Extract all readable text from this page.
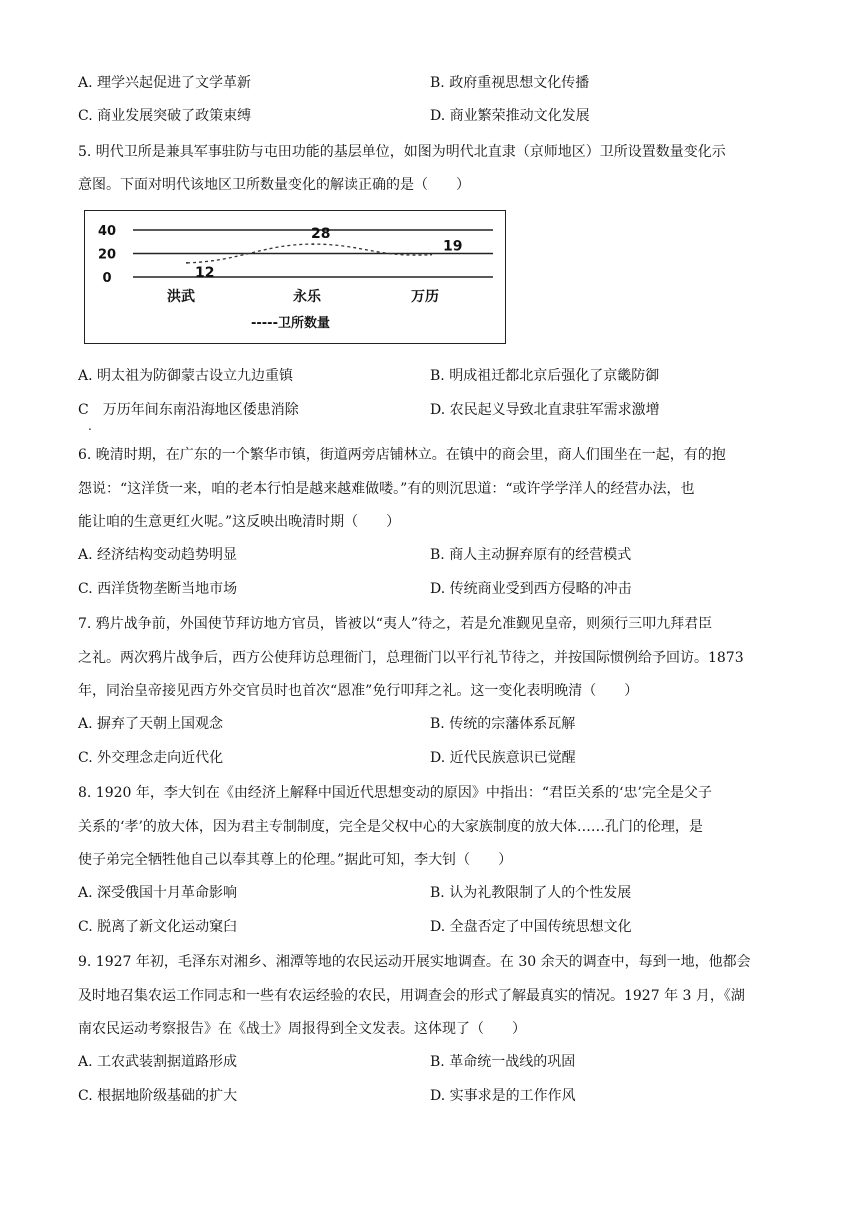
A. 理学兴起促进了文学革新	B. 政府重视思想文化传播
C. 商业发展突破了政策束缚	D. 商业繁荣推动文化发展
5. 明代卫所是兼具军事驻防与屯田功能的基层单位，如图为明代北直隶（京师地区）卫所设置数量变化示
意图。下面对明代该地区卫所数量变化的解读正确的是（　　）
40
20
0	12
28
19
洪武	永乐	万历
-----卫所数量
A. 明太祖为防御蒙古设立九边重镇	B. 明成祖迁都北京后强化了京畿防御
C　万历年间东南沿海地区倭患消除	D. 农民起义导致北直隶驻军需求激增
.
6. 晚清时期，在广东的一个繁华市镇，街道两旁店铺林立。在镇中的商会里，商人们围坐在一起，有的抱
怨说：“这洋货一来，咱的老本行怕是越来越难做喽。”有的则沉思道：“或许学学洋人的经营办法，也
能让咱的生意更红火呢。”这反映出晚清时期（　　）
A. 经济结构变动趋势明显	B. 商人主动摒弃原有的经营模式
C. 西洋货物垄断当地市场	D. 传统商业受到西方侵略的冲击
7. 鸦片战争前，外国使节拜访地方官员，皆被以“夷人”待之，若是允准觐见皇帝，则须行三叩九拜君臣
之礼。两次鸦片战争后，西方公使拜访总理衙门，总理衙门以平行礼节待之，并按国际惯例给予回访。1873
年，同治皇帝接见西方外交官员时也首次“恩准”免行叩拜之礼。这一变化表明晚清（　　）
A. 摒弃了天朝上国观念	B. 传统的宗藩体系瓦解
C. 外交理念走向近代化	D. 近代民族意识已觉醒
8. 1920 年，李大钊在《由经济上解释中国近代思想变动的原因》中指出：“君臣关系的‘忠’完全是父子
关系的‘孝’的放大体，因为君主专制制度，完全是父权中心的大家族制度的放大体……孔门的伦理，是
使子弟完全牺牲他自己以奉其尊上的伦理。”据此可知，李大钊（　　）
A. 深受俄国十月革命影响	B. 认为礼教限制了人的个性发展
C. 脱离了新文化运动窠臼	D. 全盘否定了中国传统思想文化
9. 1927 年初，毛泽东对湘乡、湘潭等地的农民运动开展实地调查。在 30 余天的调查中，每到一地，他都会
及时地召集农运工作同志和一些有农运经验的农民，用调查会的形式了解最真实的情况。1927 年 3 月，《湖
南农民运动考察报告》在《战士》周报得到全文发表。这体现了（　　）
A. 工农武装割据道路形成	B. 革命统一战线的巩固
C. 根据地阶级基础的扩大	D. 实事求是的工作作风
